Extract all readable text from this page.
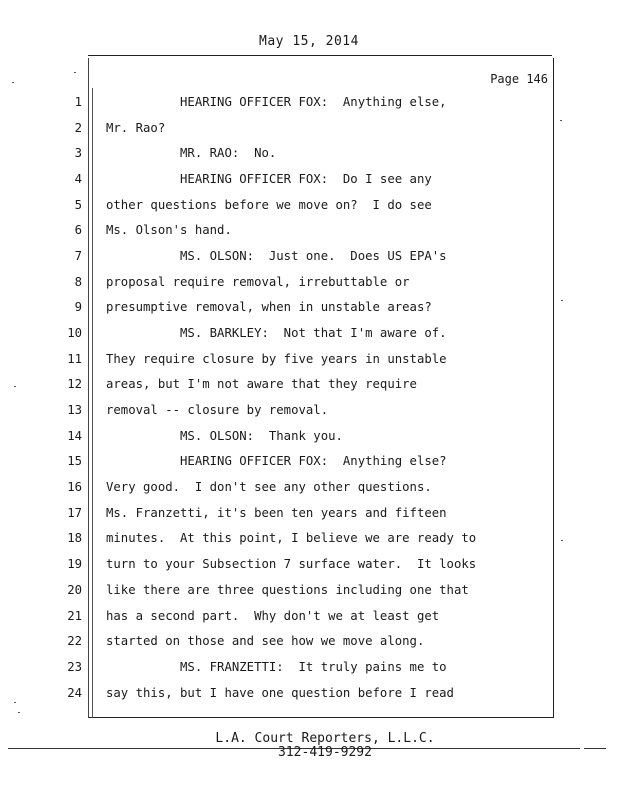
May 15, 2014
Page 146
1 HEARING OFFICER FOX:  Anything else,
2 Mr. Rao?
3 MR. RAO:  No.
4 HEARING OFFICER FOX:  Do I see any
5 other questions before we move on?  I do see
6 Ms. Olson's hand.
7 MS. OLSON:  Just one.  Does US EPA's
8 proposal require removal, irrebuttable or
9 presumptive removal, when in unstable areas?
10 MS. BARKLEY:  Not that I'm aware of.
11 They require closure by five years in unstable
12 areas, but I'm not aware that they require
13 removal -- closure by removal.
14 MS. OLSON:  Thank you.
15 HEARING OFFICER FOX:  Anything else?
16 Very good.  I don't see any other questions.
17 Ms. Franzetti, it's been ten years and fifteen
18 minutes.  At this point, I believe we are ready to
19 turn to your Subsection 7 surface water.  It looks
20 like there are three questions including one that
21 has a second part.  Why don't we at least get
22 started on those and see how we move along.
23 MS. FRANZETTI:  It truly pains me to
24 say this, but I have one question before I read
L.A. Court Reporters, L.L.C.
312-419-9292
